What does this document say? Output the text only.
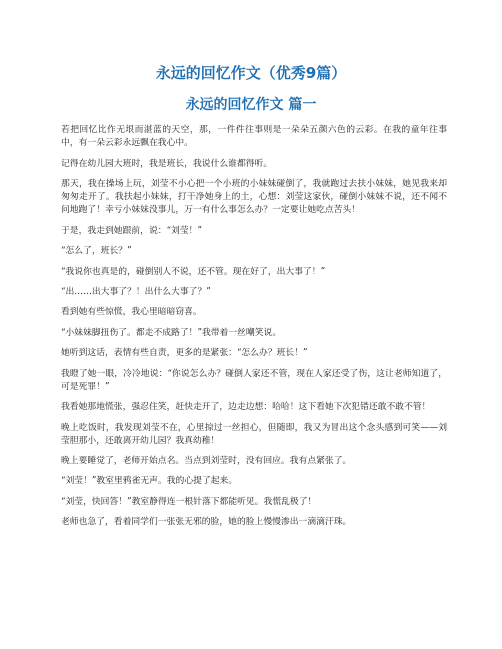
永远的回忆作文（优秀9篇）
永远的回忆作文 篇一

若把回忆比作无垠而湛蓝的天空，那，一件件往事则是一朵朵五颜六色的云彩。在我的童年往事中，有一朵云彩永远飘在我心中。

记得在幼儿园大班时，我是班长，我说什么谁都得听。

那天，我在操场上玩，刘莹不小心把一个小班的小妹妹碰倒了，我就跑过去扶小妹妹，她见我来却匆匆走开了。我扶起小妹妹，打干净她身上的土，心想：刘莹这家伙，碰倒小妹妹不说，还不闻不问地跑了！幸亏小妹妹没事儿，万一有什么事怎么办？一定要让她吃点苦头！

于是，我走到她跟前，说：“刘莹！”

“怎么了，班长？”

“我说你也真是的，碰倒别人不说，还不管。现在好了，出大事了！”

“出……出大事了？！出什么大事了？”

看到她有些惊慌，我心里暗暗窃喜。

“小妹妹脚扭伤了。都走不成路了！”我带着一丝嘲笑说。

她听到这话，表情有些自责，更多的是紧张：“怎么办？班长！”

我瞪了她一眼，冷冷地说：“你说怎么办？碰倒人家还不管，现在人家还受了伤，这让老师知道了，可是死罪！”

我看她那地慌张，强忍住笑，赶快走开了，边走边想：哈哈！这下看她下次犯错还敢不敢不管！

晚上吃饭时，我发现刘莹不在，心里掠过一丝担心，但随即，我又为冒出这个念头感到可笑——刘莹胆那小，还敢离开幼儿园？我真幼稚！

晚上要睡觉了，老师开始点名。当点到刘莹时，没有回应。我有点紧张了。

“刘莹！”教室里鸦雀无声。我的心提了起来。

“刘莹，快回答！”教室静得连一根针落下都能听见。我慌乱极了！

老师也急了，看着同学们一张张无邪的脸，她的脸上慢慢渗出一滴滴汗珠。
